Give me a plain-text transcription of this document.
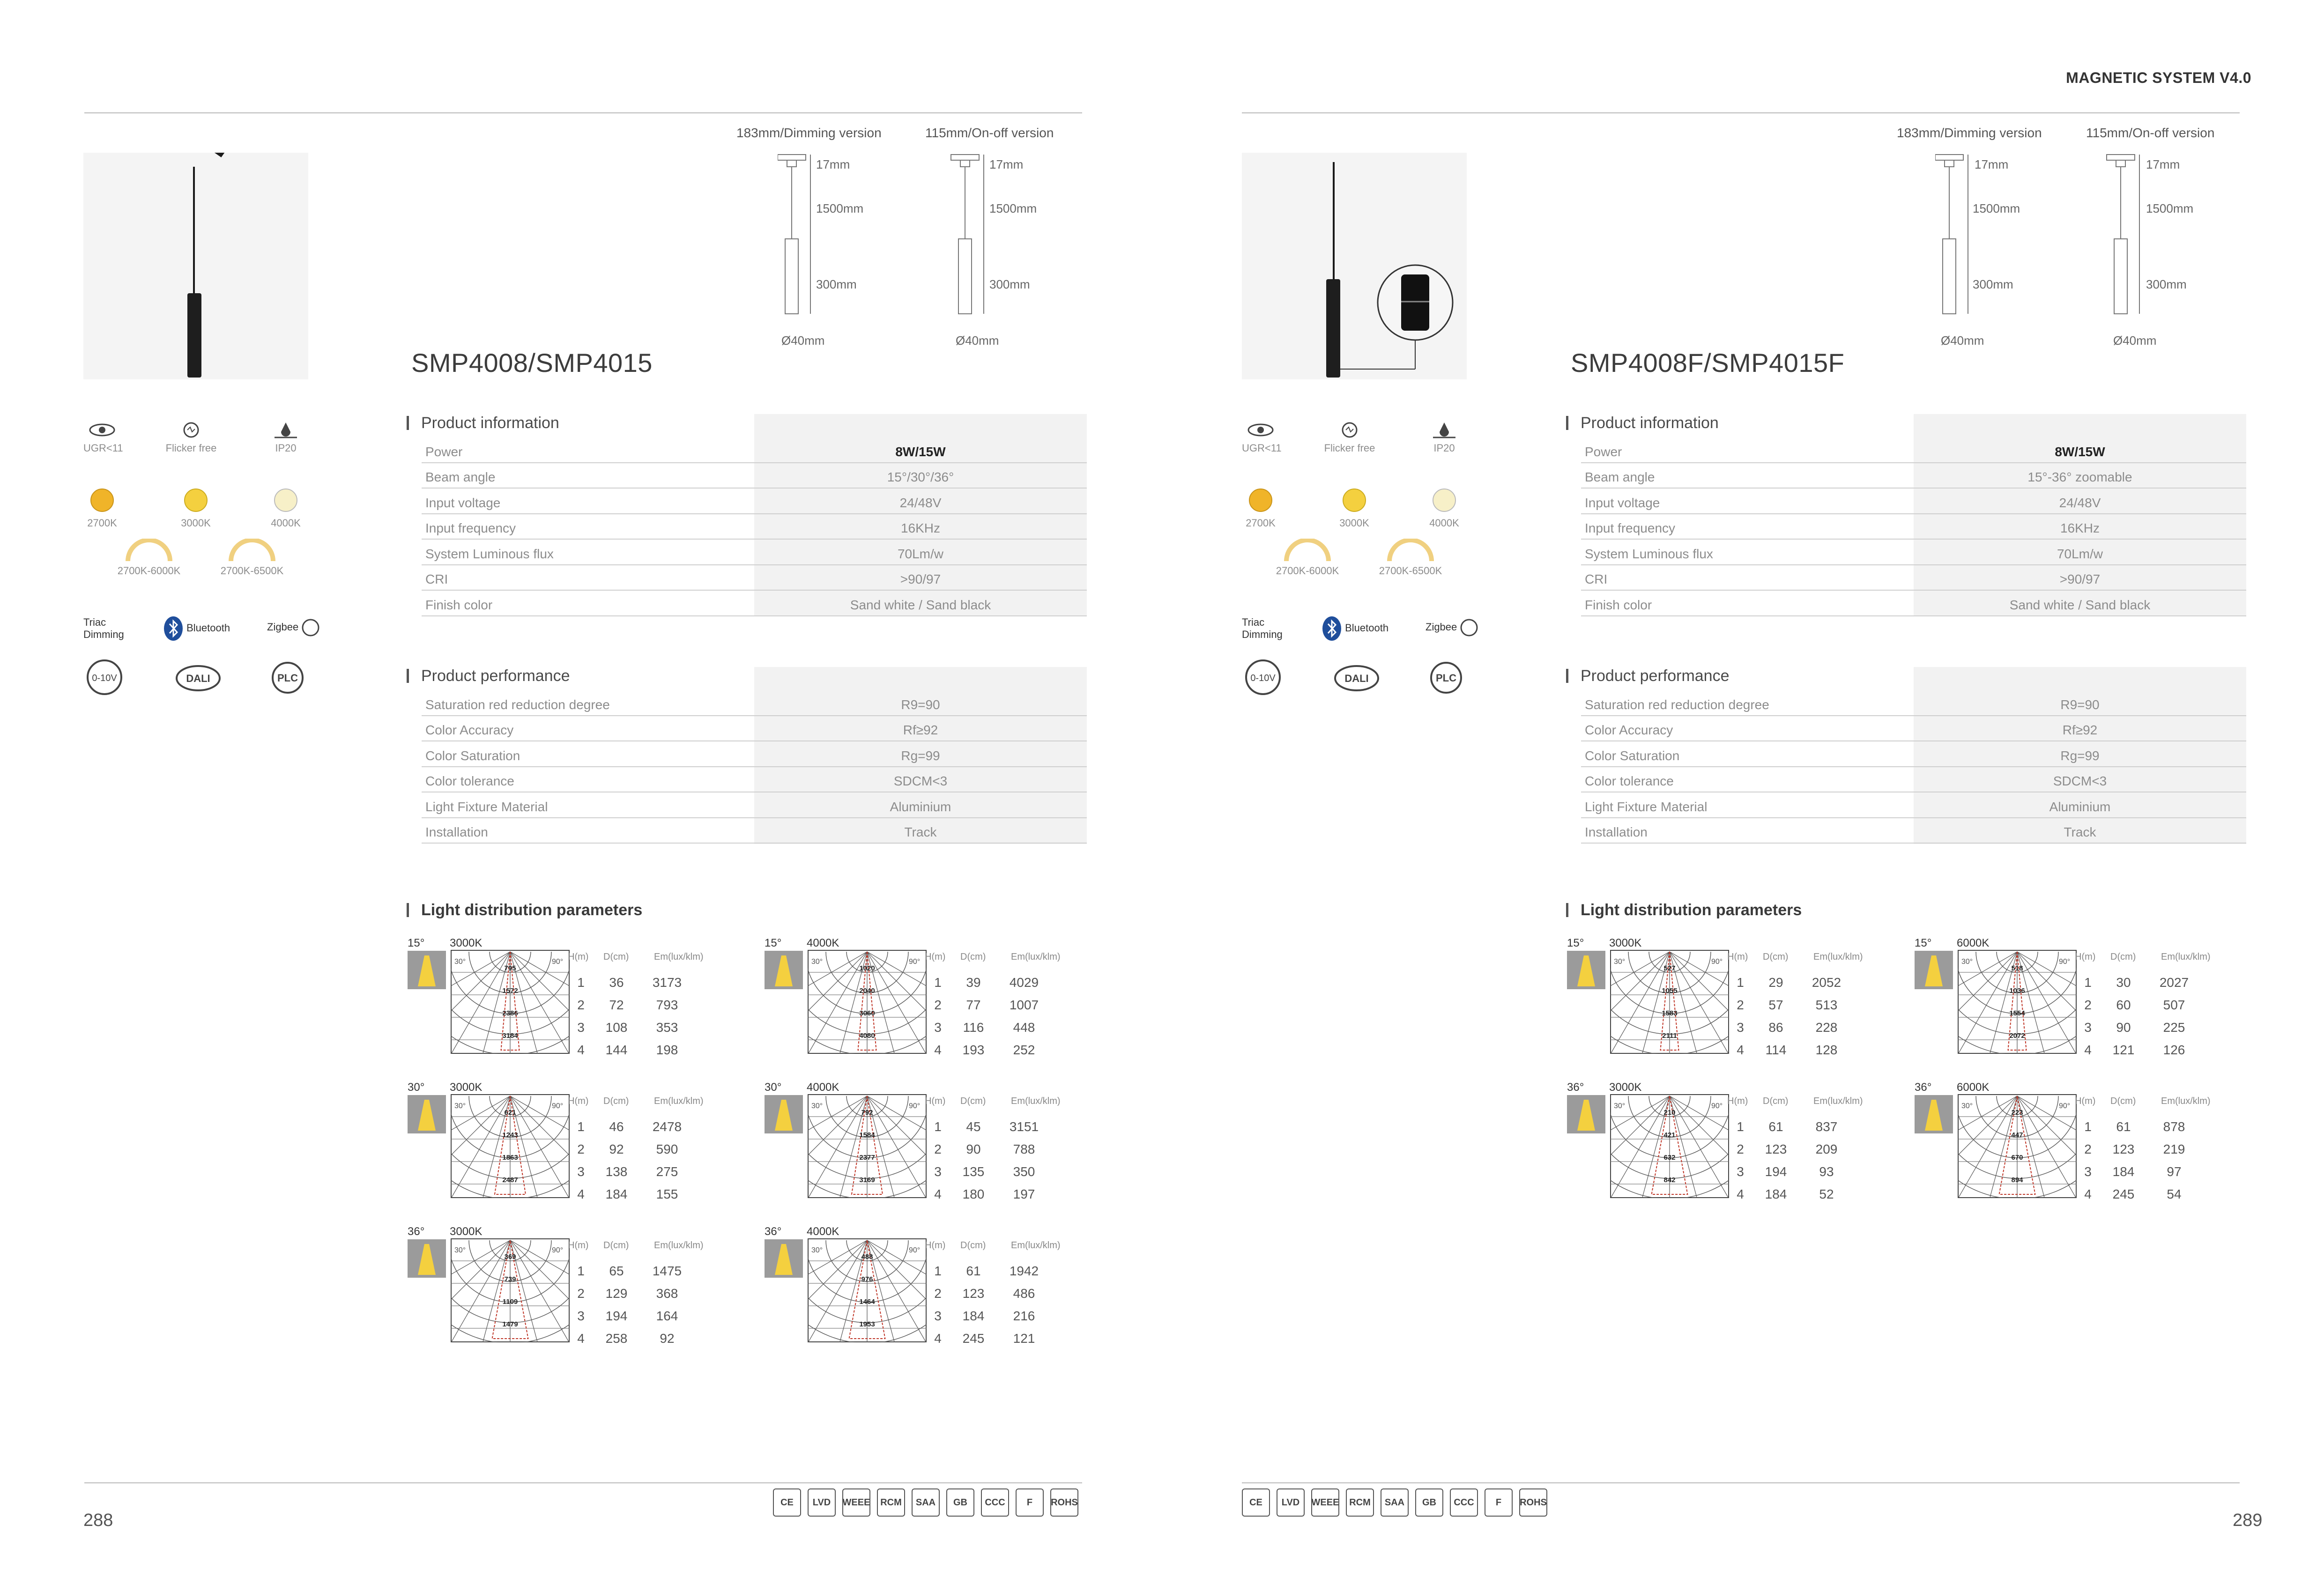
183mm/Dimming version	115mm/On-off version
17mm
1500mm
300mm
Ø40mm
17mm
1500mm
300mm
Ø40mm
SMP4008/SMP4015
UGR<11	Flicker free	IP20
2700K	3000K	4000K
2700K-6000K	2700K-6500K
Triac Dimming
Bluetooth	Zigbee
0-10V	DALI	PLC
Product information
Power	8W/15W
Beam angle	15°/30°/36°
Input voltage	24/48V
Input frequency	16KHz
System Luminous flux	70Lm/w
CRI	>90/97
Finish color	Sand white / Sand black
Product performance
Saturation red reduction degree	R9=90
Color Accuracy	Rf≥92
Color Saturation	Rg=99
Color tolerance	SDCM<3
Light Fixture Material	Aluminium
Installation	Track
Light distribution parameters
15° 3000K
30°	90°
795
1572
2386
3184
H(m) D(cm)	Em(lux/klm)
1	36	3173
2	72	793
3	108	353
4	144	198
15° 4000K
30°	90°
1020
2040
3060
4080
H(m) D(cm)	Em(lux/klm)
1	39	4029
2	77	1007
3	116	448
4	193	252
30° 3000K
30°	90°
621
1243
1863
2487
H(m) D(cm)	Em(lux/klm)
1	46	2478
2	92	590
3	138	275
4	184	155
30° 4000K
30°	90°
792
1584
2377
3169
H(m) D(cm)	Em(lux/klm)
1	45	3151
2	90	788
3	135	350
4	180	197
36° 3000K
30°	90°
369
739
1109
1479
H(m) D(cm)	Em(lux/klm)
1	65	1475
2	129	368
3	194	164
4	258	92
36° 4000K
30°	90°
488
976
1464
1953
H(m) D(cm)	Em(lux/klm)
1	61	1942
2	123	486
3	184	216
4	245	121
288
CE	LVD	WEEE	RCM	SAA	GB	CCC	F	ROHS
MAGNETIC SYSTEM V4.0
183mm/Dimming version	115mm/On-off version
17mm
1500mm
300mm
Ø40mm
17mm
1500mm
300mm
Ø40mm
SMP4008F/SMP4015F
UGR<11	Flicker free	IP20
2700K	3000K	4000K
2700K-6000K	2700K-6500K
Triac Dimming
Bluetooth	Zigbee
0-10V	DALI	PLC
Product information
Power	8W/15W
Beam angle	15°-36° zoomable
Input voltage	24/48V
Input frequency	16KHz
System Luminous flux	70Lm/w
CRI	>90/97
Finish color	Sand white / Sand black
Product performance
Saturation red reduction degree	R9=90
Color Accuracy	Rf≥92
Color Saturation	Rg=99
Color tolerance	SDCM<3
Light Fixture Material	Aluminium
Installation	Track
Light distribution parameters
15° 3000K
30°	90°
527
1055
1583
2111
H(m) D(cm)	Em(lux/klm)
1	29	2052
2	57	513
3	86	228
4	114	128
15° 6000K
30°	90°
518
1036
1554
2072
H(m) D(cm)	Em(lux/klm)
1	30	2027
2	60	507
3	90	225
4	121	126
36° 3000K
30°	90°
210
421
632
842
H(m) D(cm)	Em(lux/klm)
1	61	837
2	123	209
3	194	93
4	184	52
36° 6000K
30°	90°
223
447
670
894
H(m) D(cm)	Em(lux/klm)
1	61	878
2	123	219
3	184	97
4	245	54
289
CE	LVD	WEEE	RCM	SAA	GB	CCC	F	ROHS
